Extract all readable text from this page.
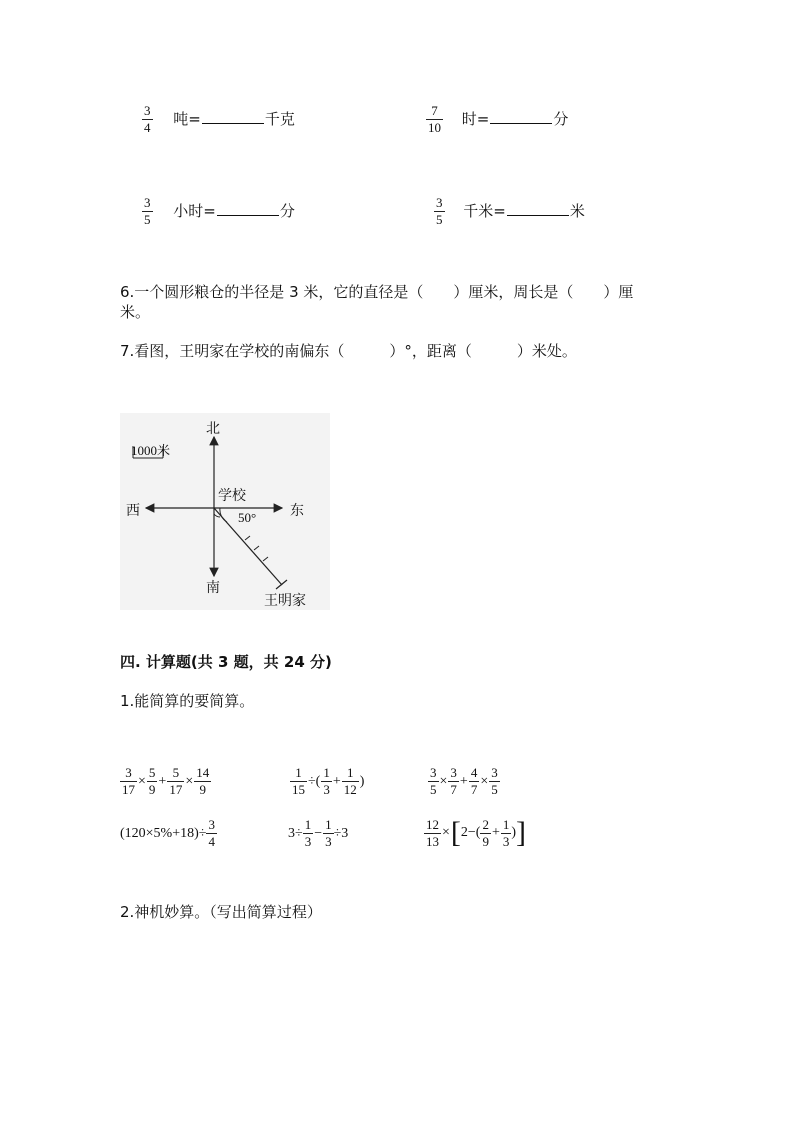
$\frac{3}{4}$ 吨=	千克	$\frac{7}{10}$ 时=	分
$\frac{3}{5}$ 小时=	分	$\frac{3}{5}$ 千米=	米
6.一个圆形粮仓的半径是 3 米，它的直径是（　　）厘米，周长是（　　）厘
米。
7.看图，王明家在学校的南偏东（　　　）°，距离（　　　）米处。
北
南
西	东
学校
50°
王明家
1000米
四. 计算题(共 3 题，共 24 分)
1.能简算的要简算。
$\frac{3}{17} \times \frac{5}{9} + \frac{5}{17} \times \frac{14}{9}$	$\frac{1}{15}$ ÷( $\frac{1}{3} + \frac{1}{12}$ )	$\frac{3}{5} \times \frac{3}{7} + \frac{4}{7} \times \frac{3}{5}$
$(120\times 5\%+18)\div \frac{3}{4}$	$3\div \frac{1}{3} - \frac{1}{3} \div 3$	$\frac{12}{13}$ × [ $2-( \frac{2}{9} + \frac{1}{3}$ ) ]
2.神机妙算。（写出简算过程）
